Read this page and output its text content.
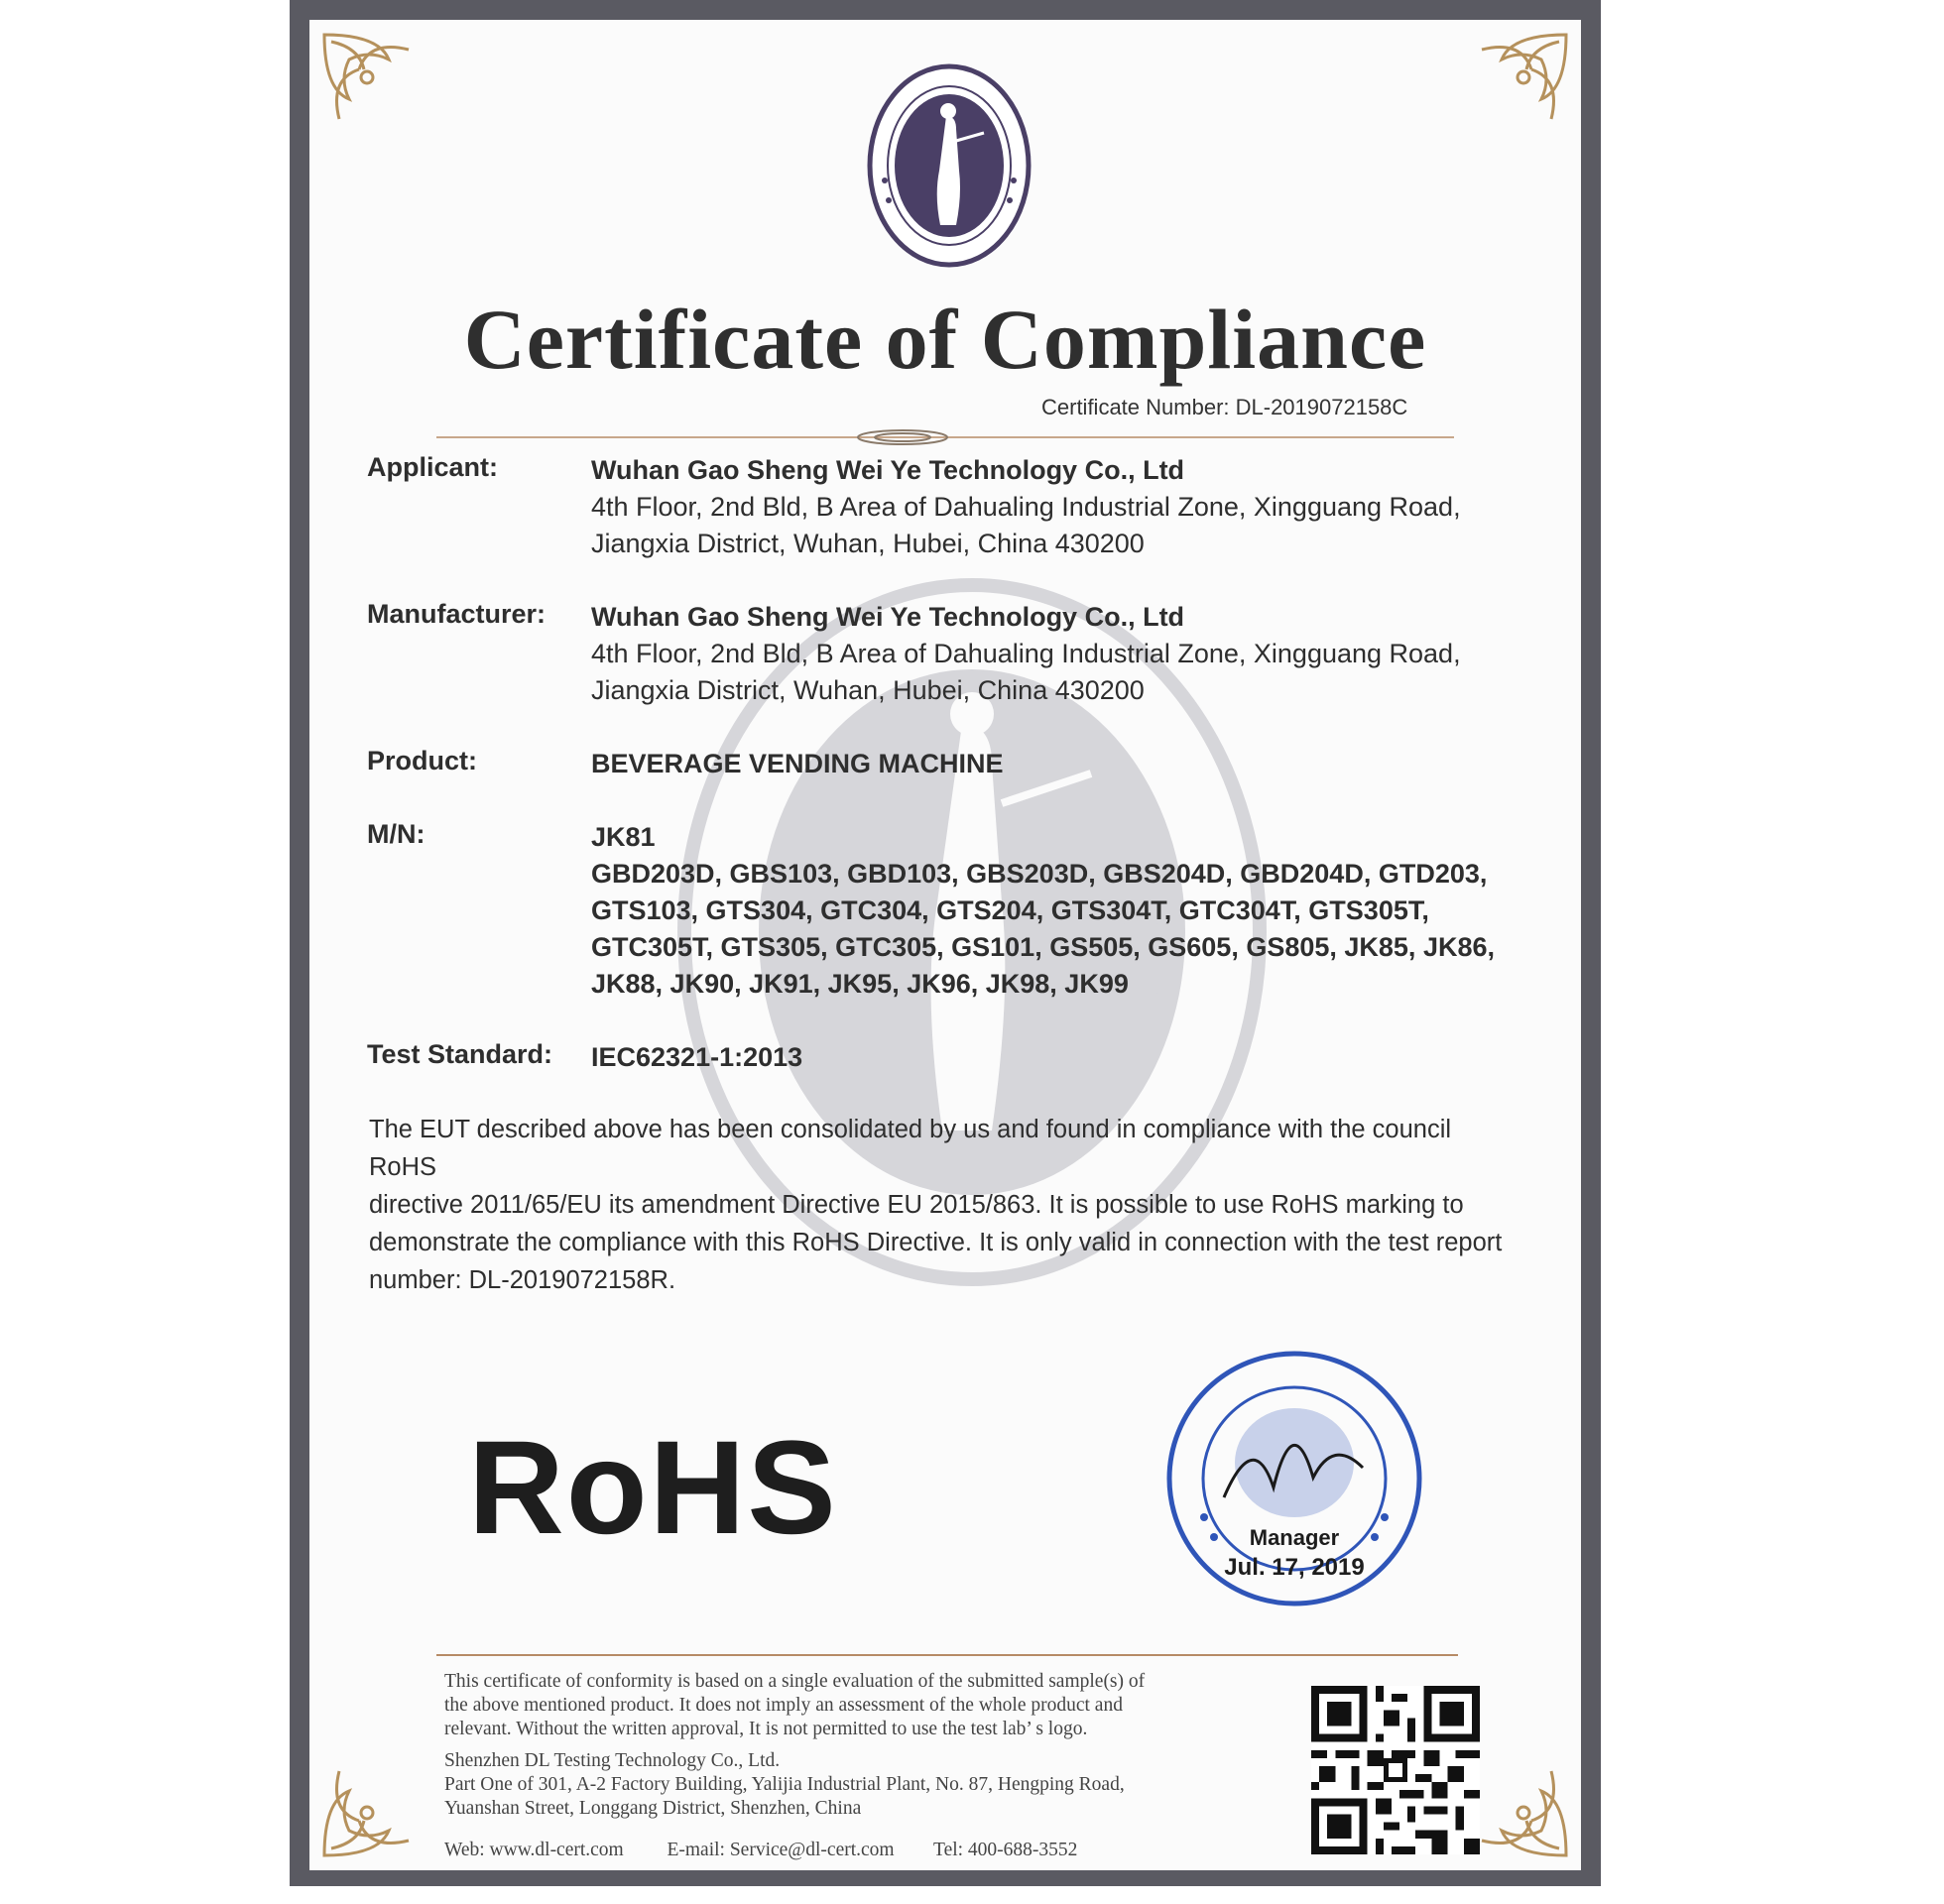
Certificate of Compliance
Certificate Number: DL-2019072158C
Applicant:	Wuhan Gao Sheng Wei Ye Technology Co., Ltd
4th Floor, 2nd Bld, B Area of Dahualing Industrial Zone, Xingguang Road,
Jiangxia District, Wuhan, Hubei, China 430200
Manufacturer: Wuhan Gao Sheng Wei Ye Technology Co., Ltd
4th Floor, 2nd Bld, B Area of Dahualing Industrial Zone, Xingguang Road,
Jiangxia District, Wuhan, Hubei, China 430200
Product:	BEVERAGE VENDING MACHINE
M/N:	JK81
GBD203D, GBS103, GBD103, GBS203D, GBS204D, GBD204D, GTD203,
GTS103, GTS304, GTC304, GTS204, GTS304T, GTC304T, GTS305T,
GTC305T, GTS305, GTC305, GS101, GS505, GS605, GS805, JK85, JK86,
JK88, JK90, JK91, JK95, JK96, JK98, JK99
Test Standard: IEC62321-1:2013
The EUT described above has been consolidated by us and found in compliance with the council RoHS
directive 2011/65/EU its amendment Directive EU 2015/863. It is possible to use RoHS marking to
demonstrate the compliance with this RoHS Directive. It is only valid in connection with the test report
number: DL-2019072158R.
RoHS	Manager
Jul. 17, 2019
This certificate of conformity is based on a single evaluation of the submitted sample(s) of
the above mentioned product. It does not imply an assessment of the whole product and
relevant. Without the written approval, It is not permitted to use the test lab’ s logo.
Shenzhen DL Testing Technology Co., Ltd.
Part One of 301, A-2 Factory Building, Yalijia Industrial Plant, No. 87, Hengping Road,
Yuanshan Street, Longgang District, Shenzhen, China
Web: www.dl-cert.com E-mail: Service@dl-cert.com Tel: 400-688-3552
